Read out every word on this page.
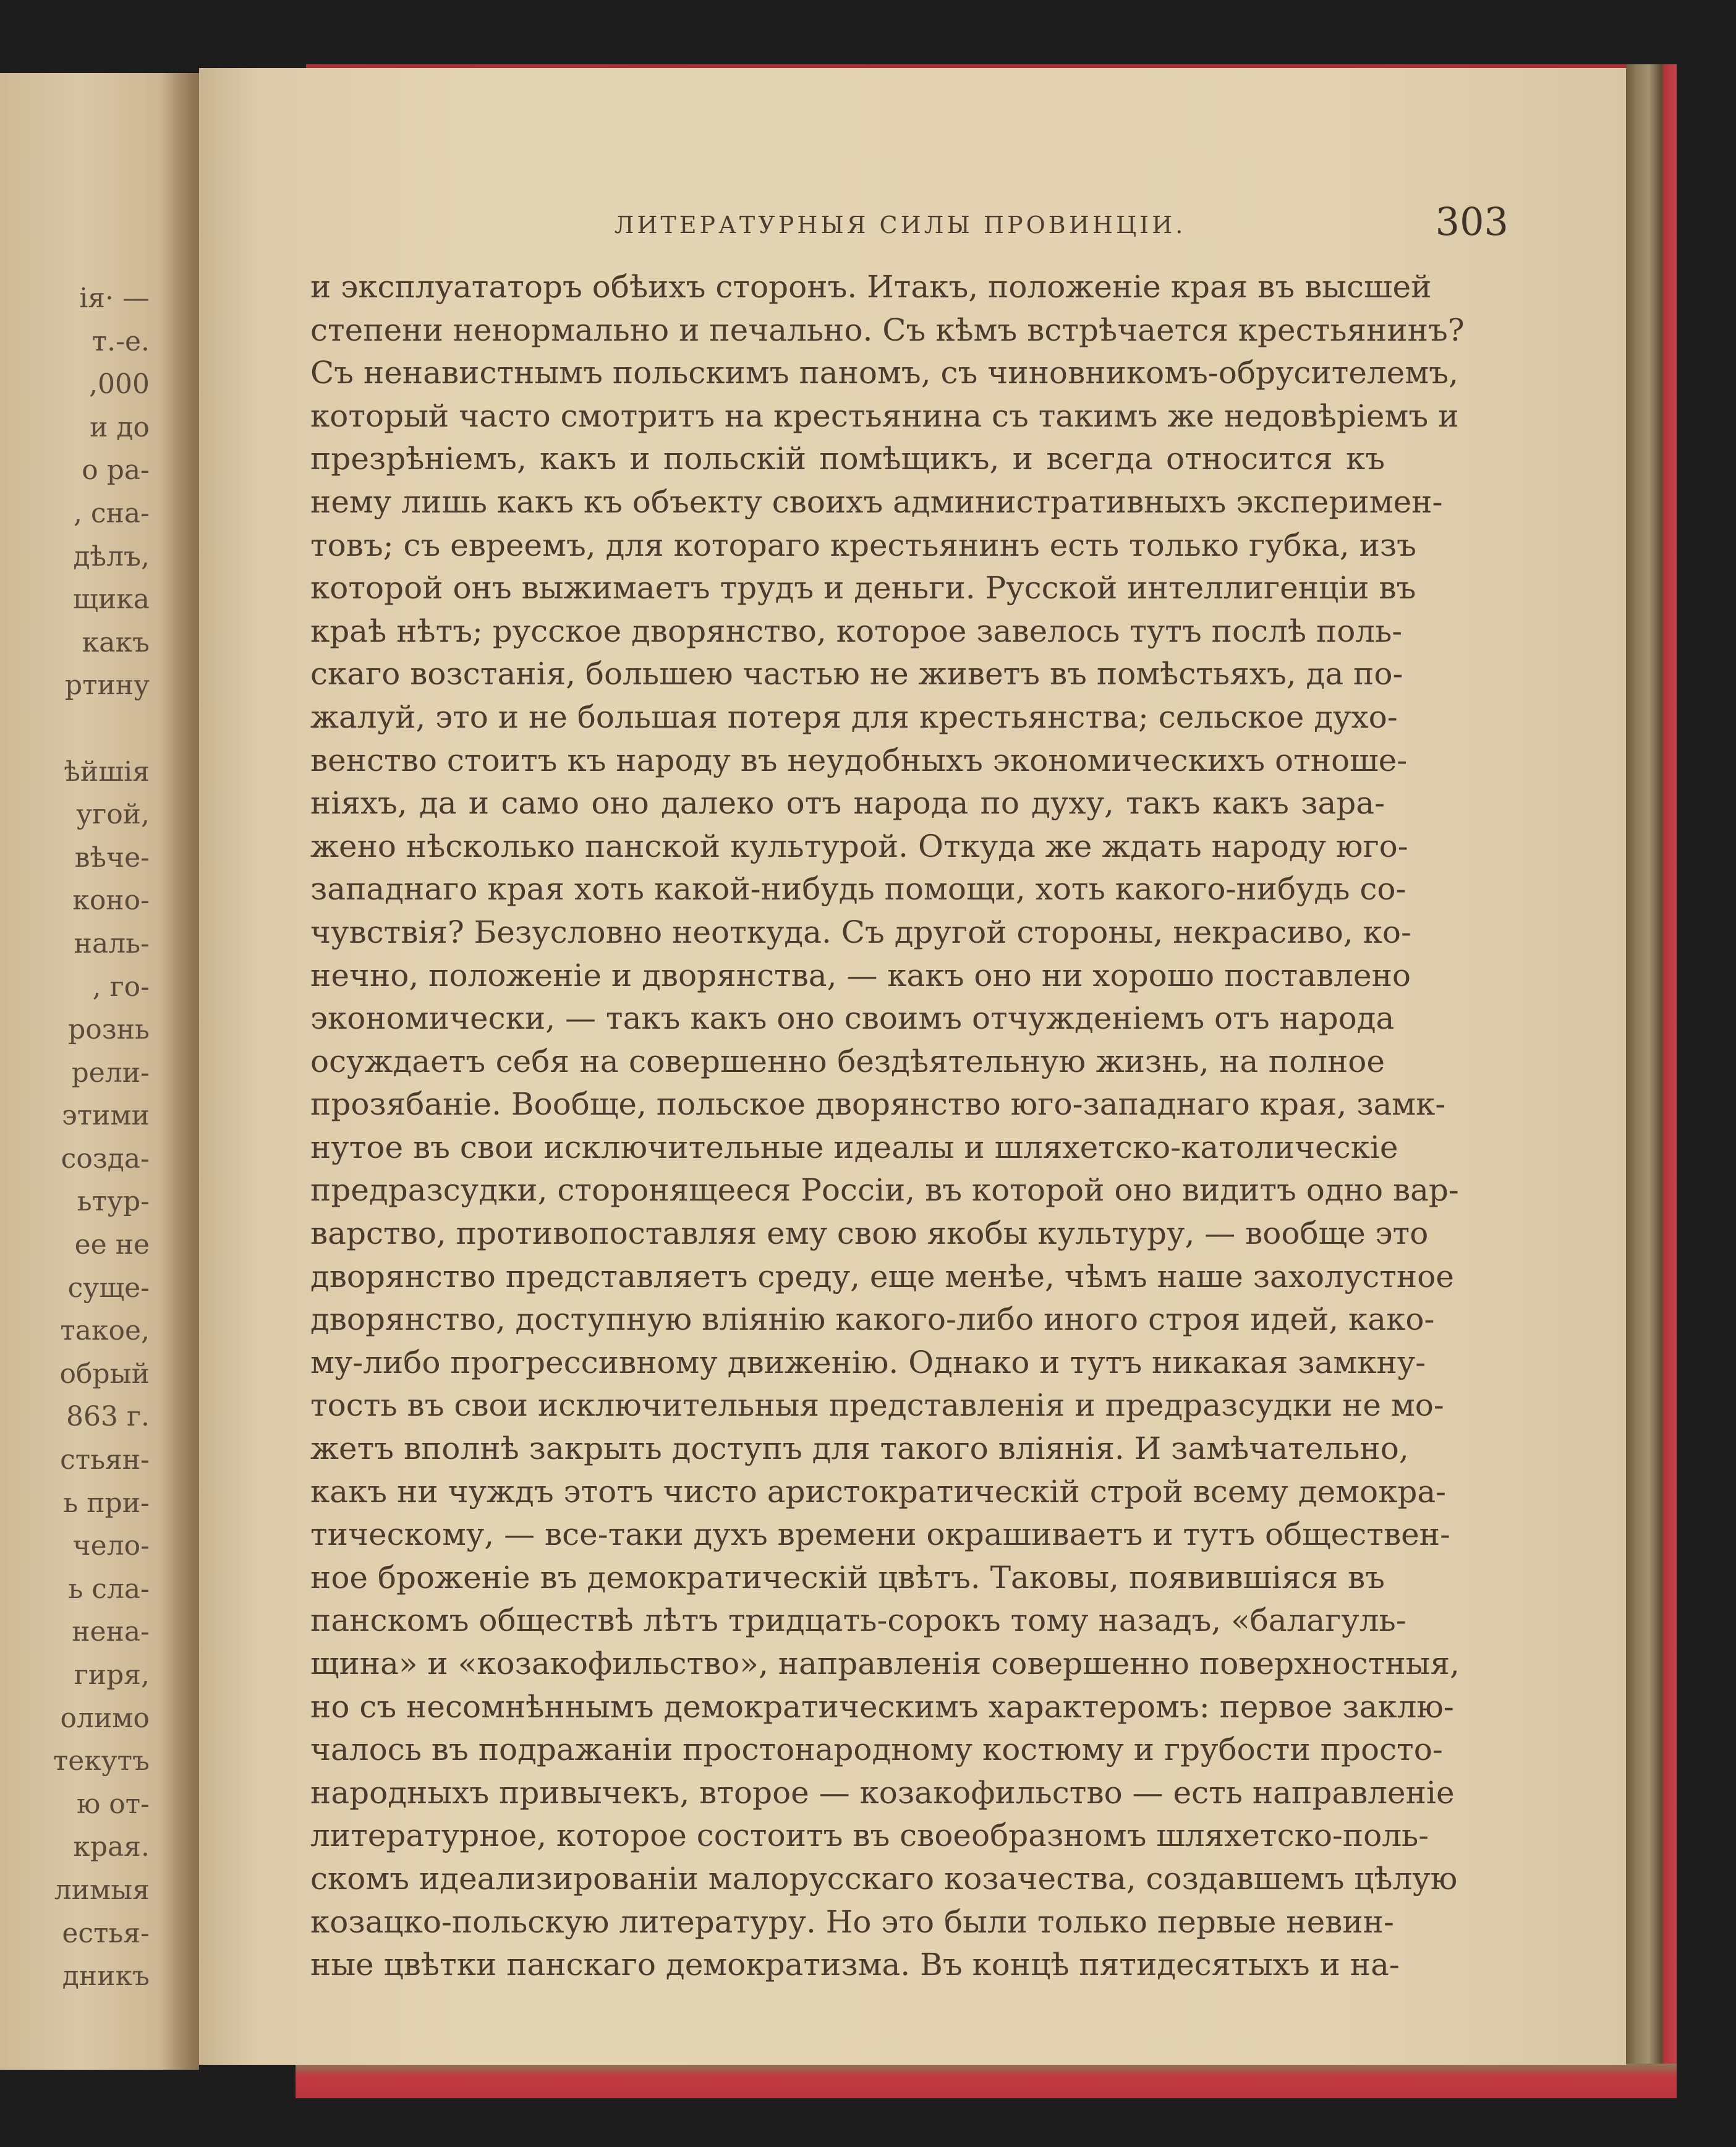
ія· —
т.-е.
,000
и до
о ра-
, сна-
дѣлъ,
щика
какъ
ртину
ѣйшія
угой,
вѣче-
коно-
наль-
, го-
рознь
рели-
этими
созда-
ьтур-
ее не
суще-
такое,
обрый
863 г.
стьян-
ь при-
чело-
ь сла-
нена-
гиря,
олимо
текутъ
ю от-
края.
лимыя
естья-
дникъ
ЛИТЕРАТУРНЫЯ СИЛЫ ПРОВИНЦІИ.	303
и эксплуататоръ обѣихъ сторонъ. Итакъ, положеніе края въ высшей
степени ненормально и печально. Съ кѣмъ встрѣчается крестьянинъ?
Съ ненавистнымъ польскимъ паномъ, съ чиновникомъ-обрусителемъ,
который часто смотритъ на крестьянина съ такимъ же недовѣріемъ и
презрѣніемъ, какъ и польскій помѣщикъ, и всегда относится къ
нему лишь какъ къ объекту своихъ административныхъ эксперимен-
товъ; съ евреемъ, для котораго крестьянинъ есть только губка, изъ
которой онъ выжимаетъ трудъ и деньги. Русской интеллигенціи въ
краѣ нѣтъ; русское дворянство, которое завелось тутъ послѣ поль-
скаго возстанія, большею частью не живетъ въ помѣстьяхъ, да по-
жалуй, это и не большая потеря для крестьянства; сельское духо-
венство стоитъ къ народу въ неудобныхъ экономическихъ отноше-
ніяхъ, да и само оно далеко отъ народа по духу, такъ какъ зара-
жено нѣсколько панской культурой. Откуда же ждать народу юго-
западнаго края хоть какой-нибудь помощи, хоть какого-нибудь со-
чувствія? Безусловно неоткуда. Съ другой стороны, некрасиво, ко-
нечно, положеніе и дворянства, — какъ оно ни хорошо поставлено
экономически, — такъ какъ оно своимъ отчужденіемъ отъ народа
осуждаетъ себя на совершенно бездѣятельную жизнь, на полное
прозябаніе. Вообще, польское дворянство юго-западнаго края, замк-
нутое въ свои исключительные идеалы и шляхетско-католическіе
предразсудки, сторонящееся Россіи, въ которой оно видитъ одно вар-
варство, противопоставляя ему свою якобы культуру, — вообще это
дворянство представляетъ среду, еще менѣе, чѣмъ наше захолустное
дворянство, доступную вліянію какого-либо иного строя идей, како-
му-либо прогрессивному движенію. Однако и тутъ никакая замкну-
тость въ свои исключительныя представленія и предразсудки не мо-
жетъ вполнѣ закрыть доступъ для такого вліянія. И замѣчательно,
какъ ни чуждъ этотъ чисто аристократическій строй всему демокра-
тическому, — все-таки духъ времени окрашиваетъ и тутъ обществен-
ное броженіе въ демократическій цвѣтъ. Таковы, появившіяся въ
панскомъ обществѣ лѣтъ тридцать-сорокъ тому назадъ, «балагуль-
щина» и «козакофильство», направленія совершенно поверхностныя,
но съ несомнѣннымъ демократическимъ характеромъ: первое заклю-
чалось въ подражаніи простонародному костюму и грубости просто-
народныхъ привычекъ, второе — козакофильство — есть направленіе
литературное, которое состоитъ въ своеобразномъ шляхетско-поль-
скомъ идеализированіи малорусскаго козачества, создавшемъ цѣлую
козацко-польскую литературу. Но это были только первые невин-
ные цвѣтки панскаго демократизма. Въ концѣ пятидесятыхъ и на-
